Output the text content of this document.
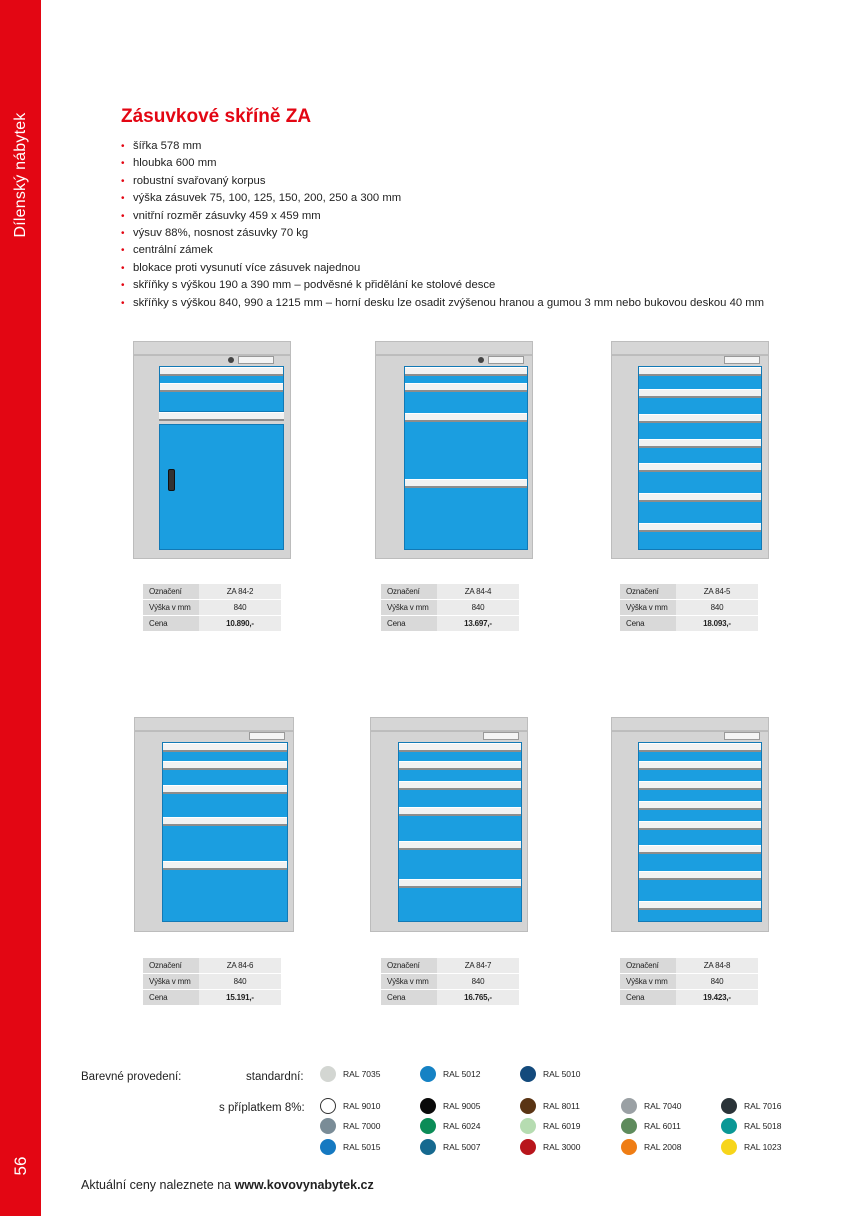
Dílenský nábytek
56
Zásuvkové skříně ZA
• šířka 578 mm
• hloubka 600 mm
• robustní svařovaný korpus
• výška zásuvek 75, 100, 125, 150, 200, 250 a 300 mm
• vnitřní rozměr zásuvky 459 x 459 mm
• výsuv 88%, nosnost zásuvky 70 kg
• centrální zámek
• blokace proti vysunutí více zásuvek najednou
• skříňky s výškou 190 a 390 mm – podvěsné k přidělání ke stolové desce
• skříňky s výškou 840, 990 a 1215 mm – horní desku lze osadit zvýšenou hranou a gumou 3 mm nebo bukovou deskou 40 mm
Označení	ZA 84-2
Výška v mm	840
Cena	10.890,-
Označení	ZA 84-4
Výška v mm	840
Cena	13.697,-
Označení	ZA 84-5
Výška v mm	840
Cena	18.093,-
Označení	ZA 84-6
Výška v mm	840
Cena	15.191,-
Označení	ZA 84-7
Výška v mm	840
Cena	16.765,-
Označení	ZA 84-8
Výška v mm	840
Cena	19.423,-
Barevné provedení:	standardní:
s příplatkem 8%:
RAL 7035	RAL 5012	RAL 5010
RAL 9010	RAL 9005	RAL 8011	RAL 7040	RAL 7016
RAL 7000	RAL 6024	RAL 6019	RAL 6011	RAL 5018
RAL 5015	RAL 5007	RAL 3000	RAL 2008	RAL 1023
Aktuální ceny naleznete na www.kovovynabytek.cz
